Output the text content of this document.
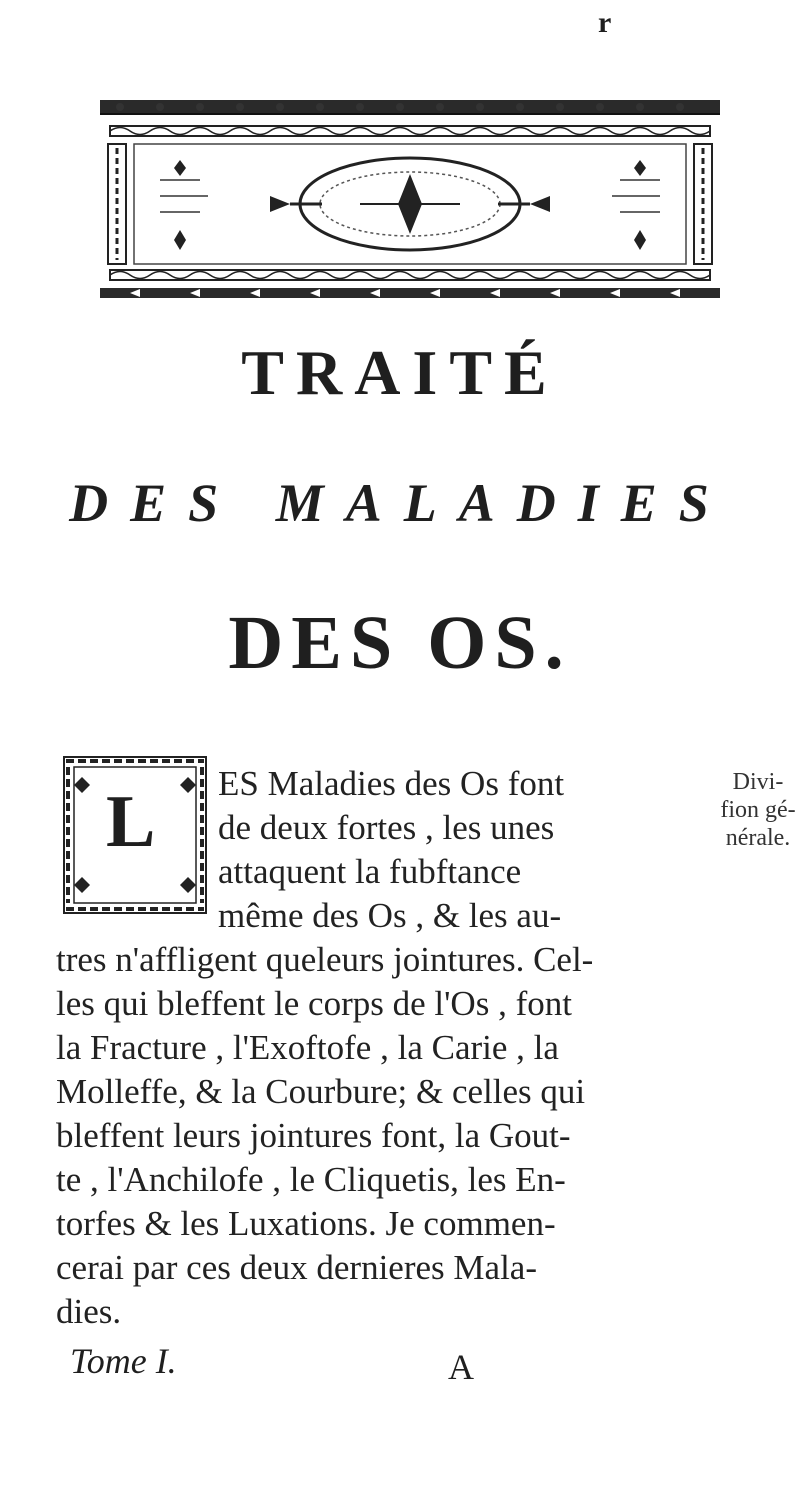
r
TRAITÉ
DES MALADIES
DES OS.
L ES Maladies des Os font
de deux fortes , les unes
attaquent la fubftance
même des Os , & les au-
tres n'affligent queleurs jointures. Cel-
les qui bleffent le corps de l'Os , font
la Fracture , l'Exoftofe , la Carie , la
Molleffe, & la Courbure; & celles qui
bleffent leurs jointures font, la Gout-
te , l'Anchilofe , le Cliquetis, les En-
torfes & les Luxations. Je commen-
cerai par ces deux dernieres Mala-
dies.
Divi-
fion gé-
nérale.
Tome I.	A
